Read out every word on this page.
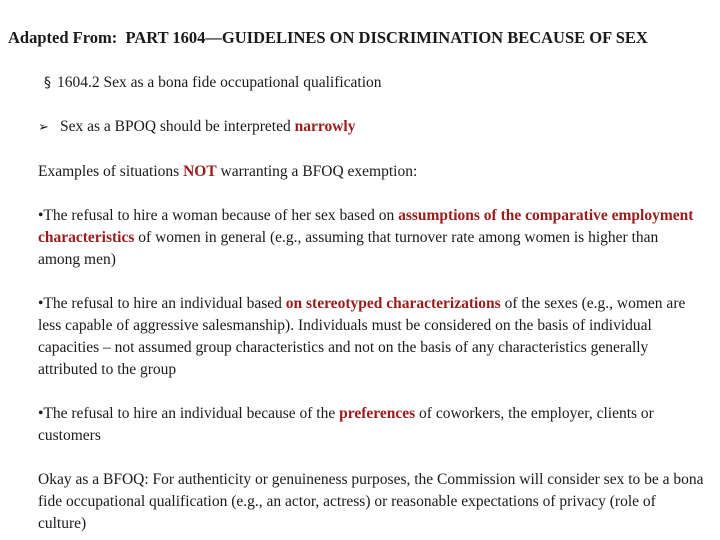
Adapted From: PART 1604—GUIDELINES ON DISCRIMINATION BECAUSE OF SEX
§ 1604.2 Sex as a bona fide occupational qualification
➢ Sex as a BPOQ should be interpreted narrowly
Examples of situations NOT warranting a BFOQ exemption:
•The refusal to hire a woman because of her sex based on assumptions of the comparative employment characteristics of women in general (e.g., assuming that turnover rate among women is higher than among men)
•The refusal to hire an individual based on stereotyped characterizations of the sexes (e.g., women are less capable of aggressive salesmanship). Individuals must be considered on the basis of individual capacities – not assumed group characteristics and not on the basis of any characteristics generally attributed to the group
•The refusal to hire an individual because of the preferences of coworkers, the employer, clients or customers
Okay as a BFOQ: For authenticity or genuineness purposes, the Commission will consider sex to be a bona fide occupational qualification (e.g., an actor, actress) or reasonable expectations of privacy (role of culture)
